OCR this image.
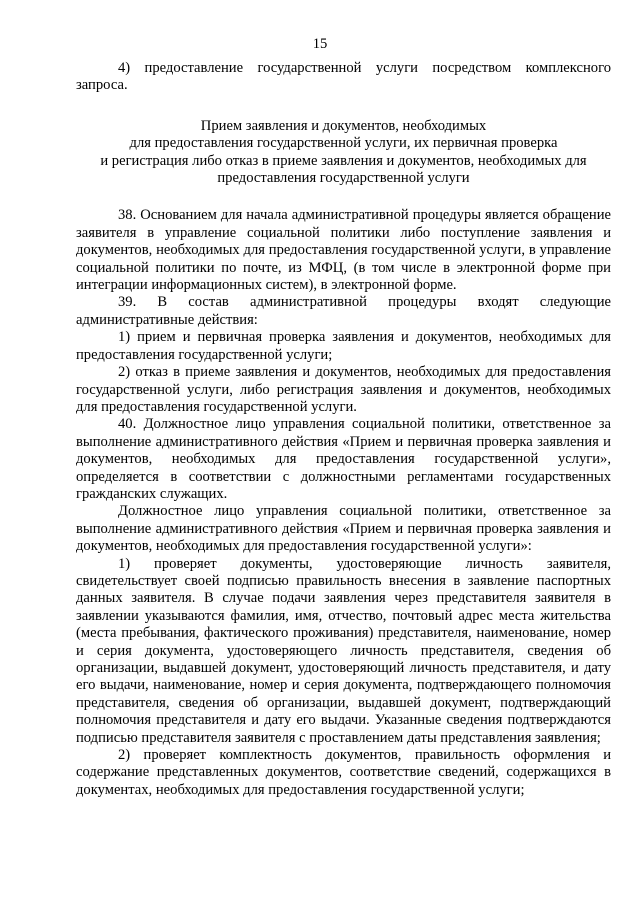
15

4) предоставление государственной услуги посредством комплексного запроса.

Прием заявления и документов, необходимых
для предоставления государственной услуги, их первичная проверка
и регистрация либо отказ в приеме заявления и документов, необходимых для
предоставления государственной услуги

38. Основанием для начала административной процедуры является обращение заявителя в управление социальной политики либо поступление заявления и документов, необходимых для предоставления государственной услуги, в управление социальной политики по почте, из МФЦ, (в том числе в электронной форме при интеграции информационных систем), в электронной форме.

39. В состав административной процедуры входят следующие административные действия:

1) прием и первичная проверка заявления и документов, необходимых для предоставления государственной услуги;

2) отказ в приеме заявления и документов, необходимых для предоставления государственной услуги, либо регистрация заявления и документов, необходимых для предоставления государственной услуги.

40. Должностное лицо управления социальной политики, ответственное за выполнение административного действия «Прием и первичная проверка заявления и документов, необходимых для предоставления государственной услуги», определяется в соответствии с должностными регламентами государственных гражданских служащих.

Должностное лицо управления социальной политики, ответственное за выполнение административного действия «Прием и первичная проверка заявления и документов, необходимых для предоставления государственной услуги»:

1) проверяет документы, удостоверяющие личность заявителя, свидетельствует своей подписью правильность внесения в заявление паспортных данных заявителя. В случае подачи заявления через представителя заявителя в заявлении указываются фамилия, имя, отчество, почтовый адрес места жительства (места пребывания, фактического проживания) представителя, наименование, номер и серия документа, удостоверяющего личность представителя, сведения об организации, выдавшей документ, удостоверяющий личность представителя, и дату его выдачи, наименование, номер и серия документа, подтверждающего полномочия представителя, сведения об организации, выдавшей документ, подтверждающий полномочия представителя и дату его выдачи. Указанные сведения подтверждаются подписью представителя заявителя с проставлением даты представления заявления;

2) проверяет комплектность документов, правильность оформления и содержание представленных документов, соответствие сведений, содержащихся в документах, необходимых для предоставления государственной услуги;
